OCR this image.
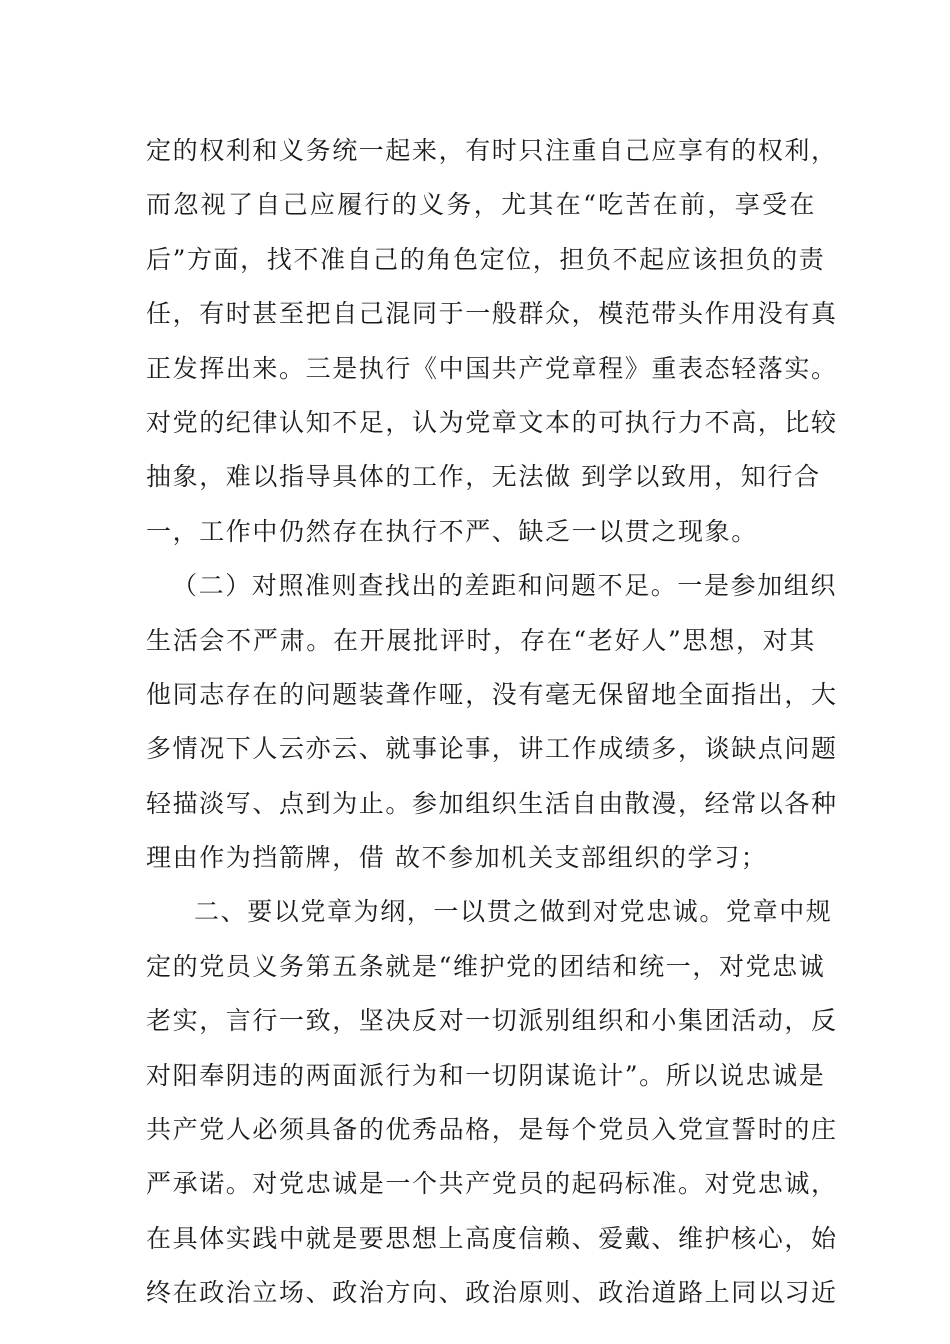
定的权利和义务统一起来，有时只注重自己应享有的权利，
而忽视了自己应履行的义务，尤其在“吃苦在前，享受在
后”方面，找不准自己的角色定位，担负不起应该担负的责
任，有时甚至把自己混同于一般群众，模范带头作用没有真
正发挥出来。三是执行《中国共产党章程》重表态轻落实。
对党的纪律认知不足，认为党章文本的可执行力不高，比较
抽象，难以指导具体的工作，无法做 到学以致用，知行合
一，工作中仍然存在执行不严、缺乏一以贯之现象。
（二）对照准则查找出的差距和问题不足。一是参加组织
生活会不严肃。在开展批评时，存在“老好人”思想，对其
他同志存在的问题装聋作哑，没有毫无保留地全面指出，大
多情况下人云亦云、就事论事，讲工作成绩多，谈缺点问题
轻描淡写、点到为止。参加组织生活自由散漫，经常以各种
理由作为挡箭牌，借 故不参加机关支部组织的学习；
二、要以党章为纲，一以贯之做到对党忠诚。党章中规
定的党员义务第五条就是“维护党的团结和统一，对党忠诚
老实，言行一致，坚决反对一切派别组织和小集团活动，反
对阳奉阴违的两面派行为和一切阴谋诡计”。所以说忠诚是
共产党人必须具备的优秀品格，是每个党员入党宣誓时的庄
严承诺。对党忠诚是一个共产党员的起码标准。对党忠诚，
在具体实践中就是要思想上高度信赖、爱戴、维护核心，始
终在政治立场、政治方向、政治原则、政治道路上同以习近
